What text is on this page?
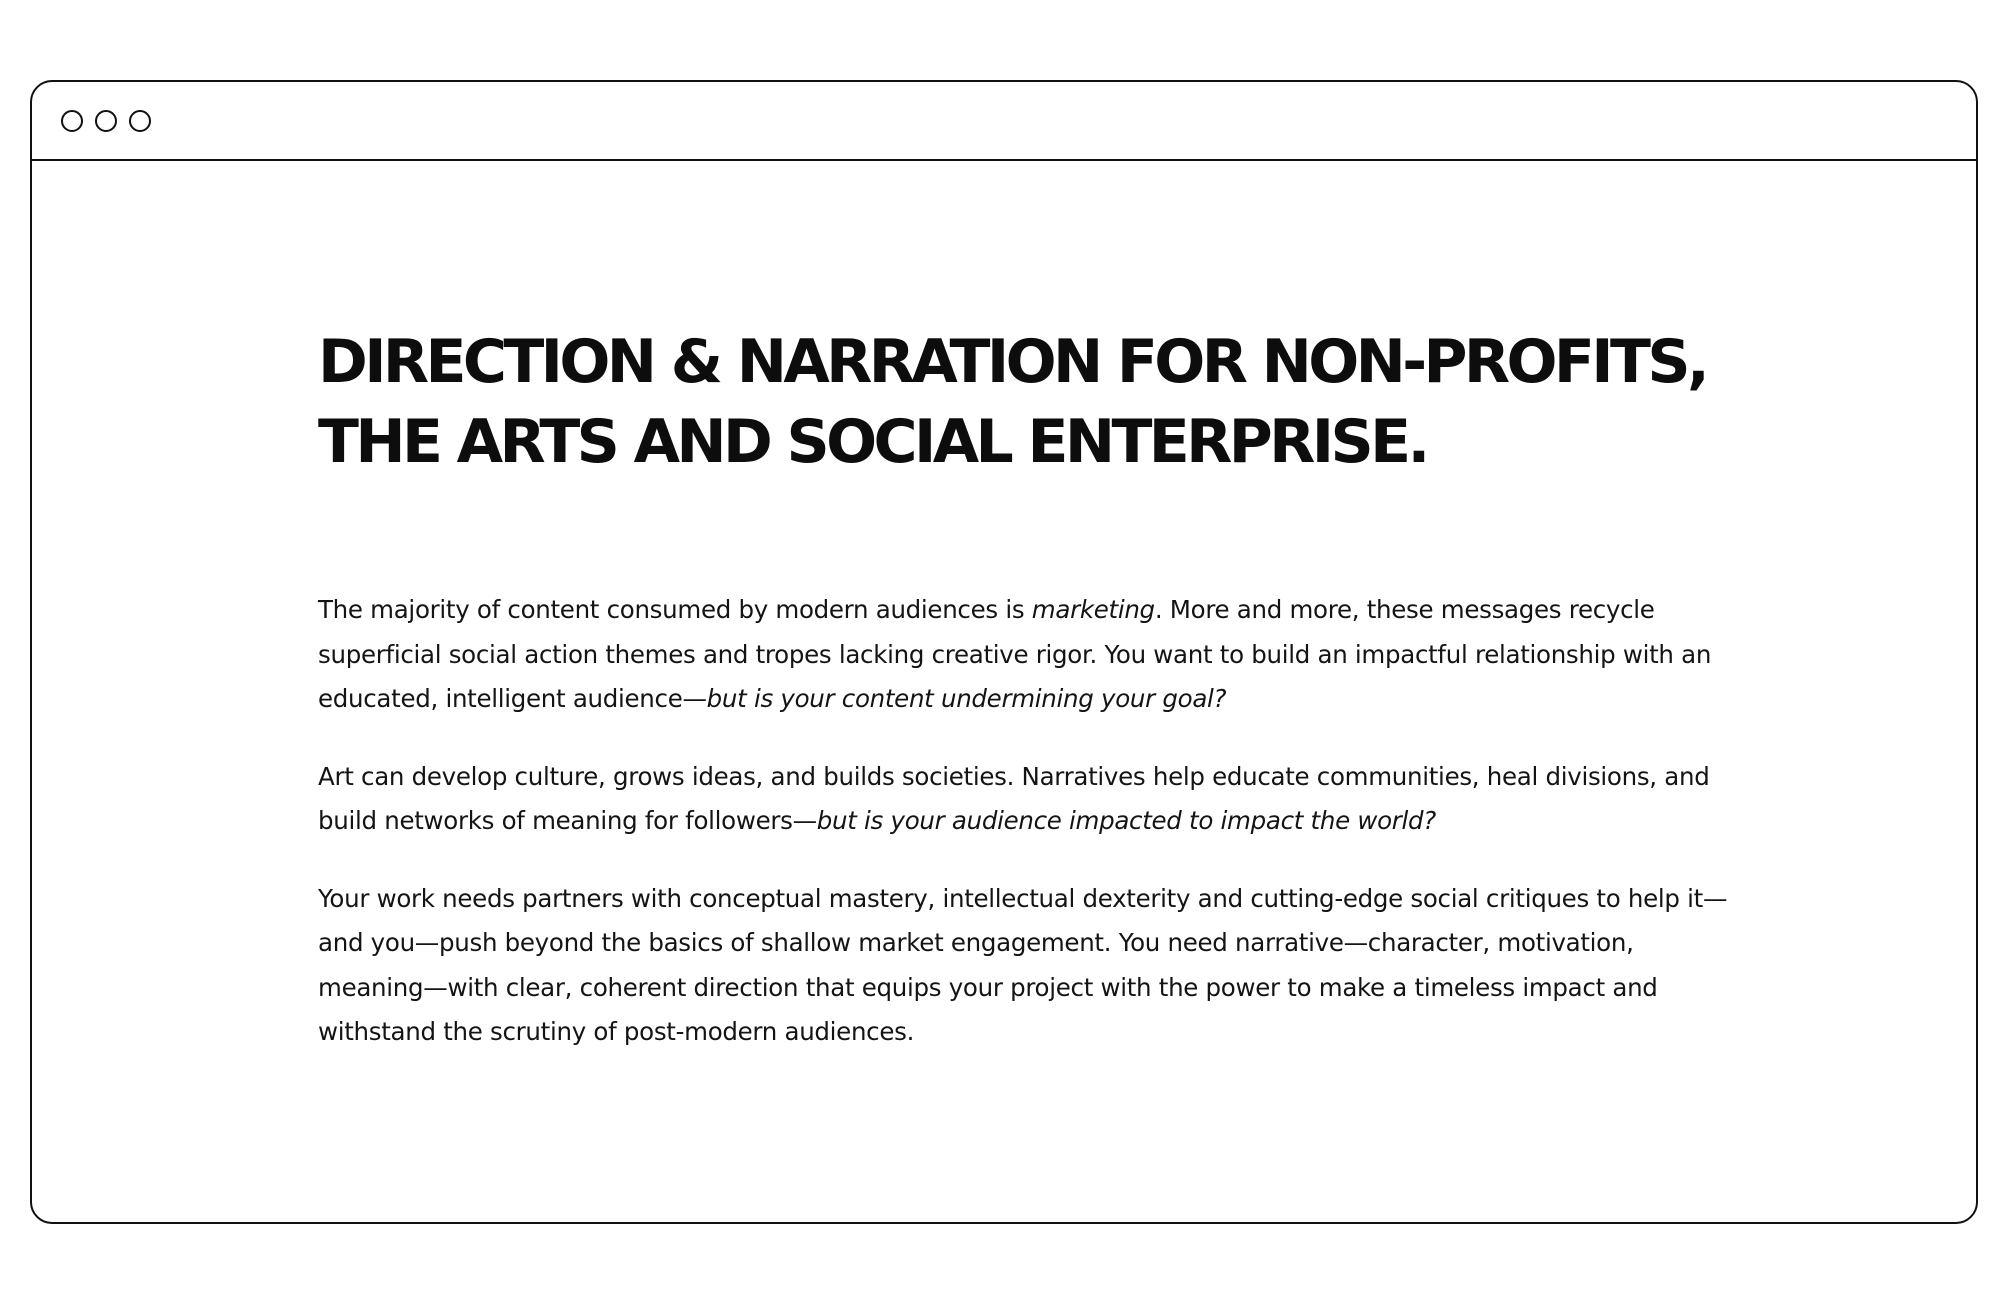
DIRECTION & NARRATION FOR NON-PROFITS,
THE ARTS AND SOCIAL ENTERPRISE.

The majority of content consumed by modern audiences is marketing. More and more, these messages recycle superficial social action themes and tropes lacking creative rigor. You want to build an impactful relationship with an educated, intelligent audience—but is your content undermining your goal?

Art can develop culture, grows ideas, and builds societies. Narratives help educate communities, heal divisions, and build networks of meaning for followers—but is your audience impacted to impact the world?

Your work needs partners with conceptual mastery, intellectual dexterity and cutting-edge social critiques to help it—and you—push beyond the basics of shallow market engagement. You need narrative—character, motivation, meaning—with clear, coherent direction that equips your project with the power to make a timeless impact and withstand the scrutiny of post-modern audiences.
